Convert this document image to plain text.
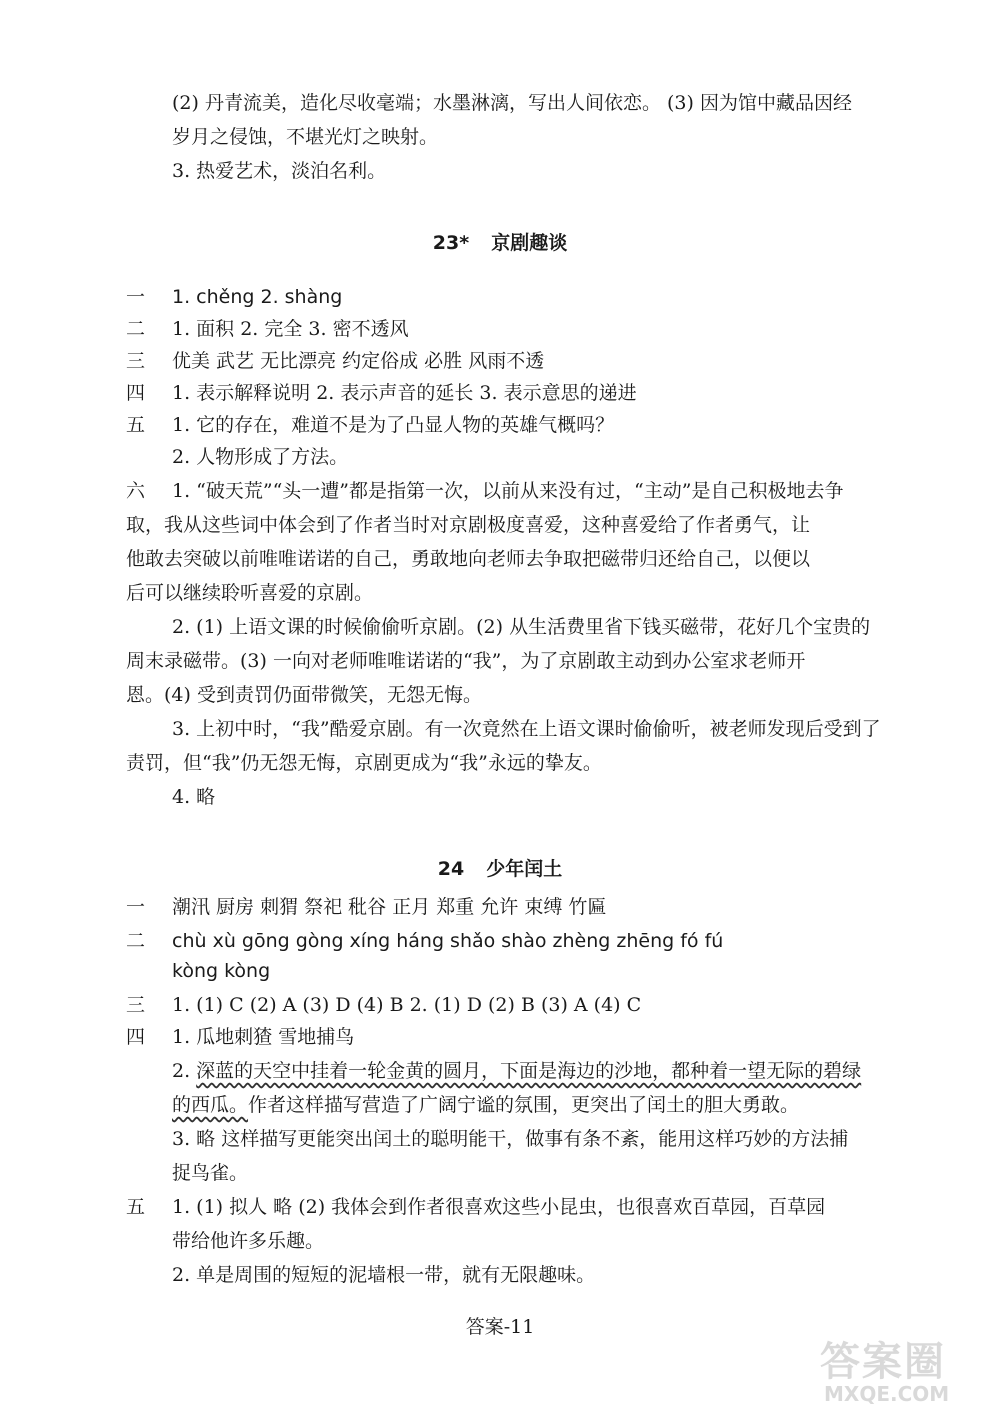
(2) 丹青流美，造化尽收毫端；水墨淋漓，写出人间依恋。 (3) 因为馆中藏品因经
岁月之侵蚀，不堪光灯之映射。
3. 热爱艺术，淡泊名利。
23* 京剧趣谈
一 1. chěng 2. shàng
二 1. 面积 2. 完全 3. 密不透风
三 优美 武艺 无比漂亮 约定俗成 必胜 风雨不透
四 1. 表示解释说明 2. 表示声音的延长 3. 表示意思的递进
五 1. 它的存在，难道不是为了凸显人物的英雄气概吗？
2. 人物形成了方法。
六 1. “破天荒”“头一遭”都是指第一次，以前从来没有过，“主动”是自己积极地去争
取，我从这些词中体会到了作者当时对京剧极度喜爱，这种喜爱给了作者勇气，让
他敢去突破以前唯唯诺诺的自己，勇敢地向老师去争取把磁带归还给自己，以便以
后可以继续聆听喜爱的京剧。
2. (1) 上语文课的时候偷偷听京剧。(2) 从生活费里省下钱买磁带，花好几个宝贵的
周末录磁带。(3) 一向对老师唯唯诺诺的“我”，为了京剧敢主动到办公室求老师开
恩。(4) 受到责罚仍面带微笑，无怨无悔。
3. 上初中时，“我”酷爱京剧。有一次竟然在上语文课时偷偷听，被老师发现后受到了
责罚，但“我”仍无怨无悔，京剧更成为“我”永远的挚友。
4. 略
24 少年闰土
一 潮汛 厨房 刺猬 祭祀 秕谷 正月 郑重 允许 束缚 竹匾
二 chù xù gōng gòng xíng háng shǎo shào zhèng zhēng fó fú
kòng kòng
三 1. (1) C (2) A (3) D (4) B 2. (1) D (2) B (3) A (4) C
四 1. 瓜地刺猹 雪地捕鸟
2. 深蓝的天空中挂着一轮金黄的圆月，下面是海边的沙地，都种着一望无际的碧绿
的西瓜。作者这样描写营造了广阔宁谧的氛围，更突出了闰土的胆大勇敢。
3. 略 这样描写更能突出闰土的聪明能干，做事有条不紊，能用这样巧妙的方法捕
捉鸟雀。
五 1. (1) 拟人 略 (2) 我体会到作者很喜欢这些小昆虫，也很喜欢百草园，百草园
带给他许多乐趣。
2. 单是周围的短短的泥墙根一带，就有无限趣味。
答案-11
答案圈
MXQE.COM
